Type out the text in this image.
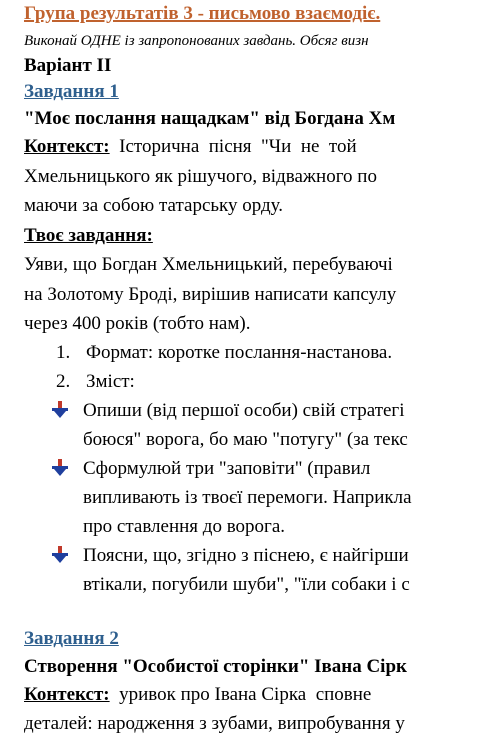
Група результатів 3 - письмово взаємодіє.
Виконай ОДНЕ із запропонованих завдань. Обсяг визн
Варіант ІІ
Завдання 1
"Моє послання нащадкам" від Богдана Хм
Контекст:  Історична  пісня  "Чи  не  той
Хмельницького як рішучого, відважного по
маючи за собою татарську орду.
Твоє завдання:
Уяви, що Богдан Хмельницький, перебуваючі
на Золотому Броді, вирішив написати капсулу
через 400 років (тобто нам).
1. Формат: коротке послання-настанова.
2. Зміст:
Опиши (від першої особи) свій стратегі
боюся" ворога, бо маю "потугу" (за текс
Сформулюй три "заповіти" (правил
випливають із твоєї перемоги. Наприкла
про ставлення до ворога.
Поясни, що, згідно з піснею, є найгірши
втікали, погубили шуби", "їли собаки і с
Завдання 2
Створення "Особистої сторінки" Івана Сірк
Контекст:  уривок про Івана Сірка  сповне
деталей: народження з зубами, випробування у
